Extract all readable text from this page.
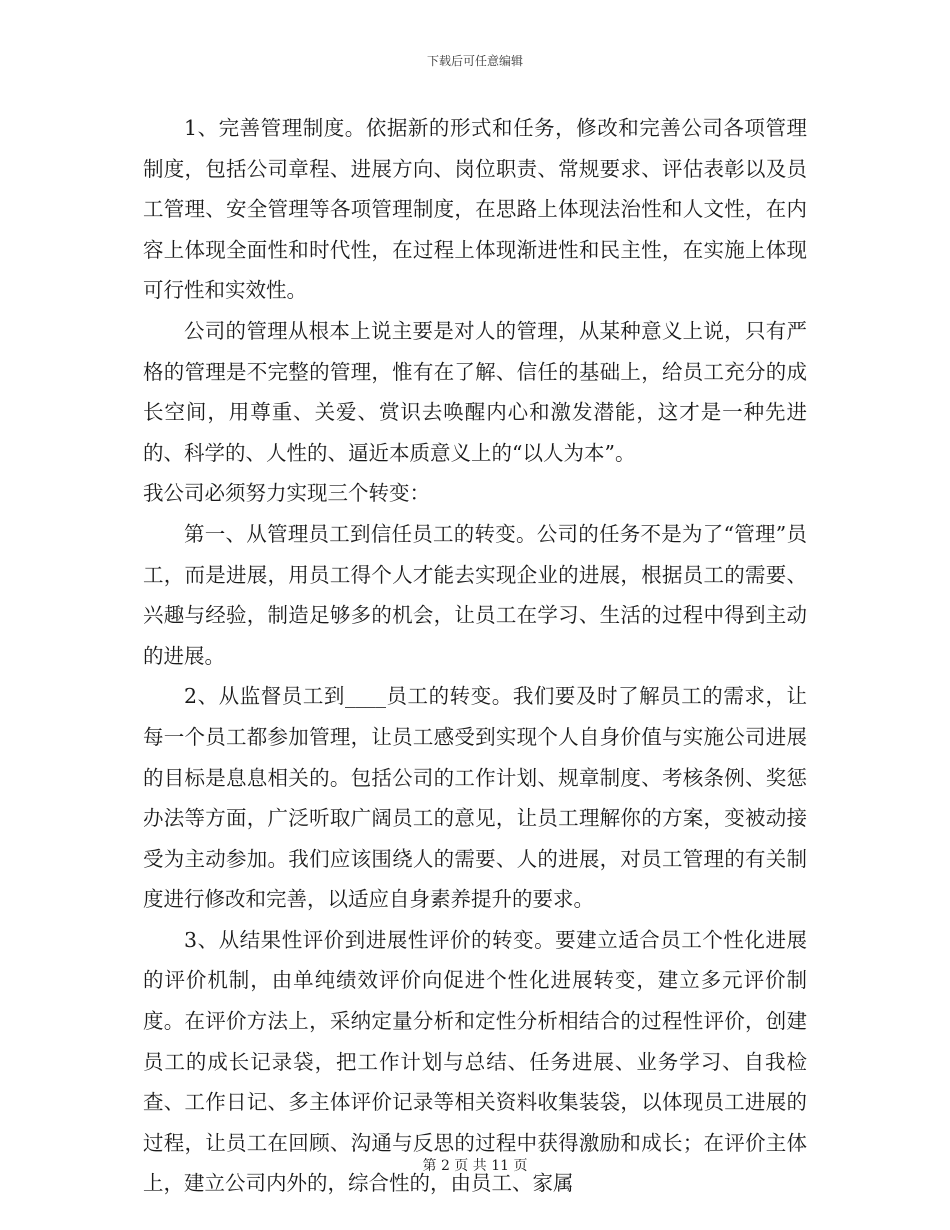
下载后可任意编辑

1、完善管理制度。依据新的形式和任务，修改和完善公司各项管理制度，包括公司章程、进展方向、岗位职责、常规要求、评估表彰以及员工管理、安全管理等各项管理制度，在思路上体现法治性和人文性，在内容上体现全面性和时代性，在过程上体现渐进性和民主性，在实施上体现可行性和实效性。

公司的管理从根本上说主要是对人的管理，从某种意义上说，只有严格的管理是不完整的管理，惟有在了解、信任的基础上，给员工充分的成长空间，用尊重、关爱、赏识去唤醒内心和激发潜能，这才是一种先进的、科学的、人性的、逼近本质意义上的“以人为本”。

我公司必须努力实现三个转变：

第一、从管理员工到信任员工的转变。公司的任务不是为了“管理”员工，而是进展，用员工得个人才能去实现企业的进展，根据员工的需要、兴趣与经验，制造足够多的机会，让员工在学习、生活的过程中得到主动的进展。

2、从监督员工到____员工的转变。我们要及时了解员工的需求，让每一个员工都参加管理，让员工感受到实现个人自身价值与实施公司进展的目标是息息相关的。包括公司的工作计划、规章制度、考核条例、奖惩办法等方面，广泛听取广阔员工的意见，让员工理解你的方案，变被动接受为主动参加。我们应该围绕人的需要、人的进展，对员工管理的有关制度进行修改和完善，以适应自身素养提升的要求。

3、从结果性评价到进展性评价的转变。要建立适合员工个性化进展的评价机制，由单纯绩效评价向促进个性化进展转变，建立多元评价制度。在评价方法上，采纳定量分析和定性分析相结合的过程性评价，创建员工的成长记录袋，把工作计划与总结、任务进展、业务学习、自我检查、工作日记、多主体评价记录等相关资料收集装袋，以体现员工进展的过程，让员工在回顾、沟通与反思的过程中获得激励和成长；在评价主体上，建立公司内外的，综合性的，由员工、家属

第 2 页 共 11 页
